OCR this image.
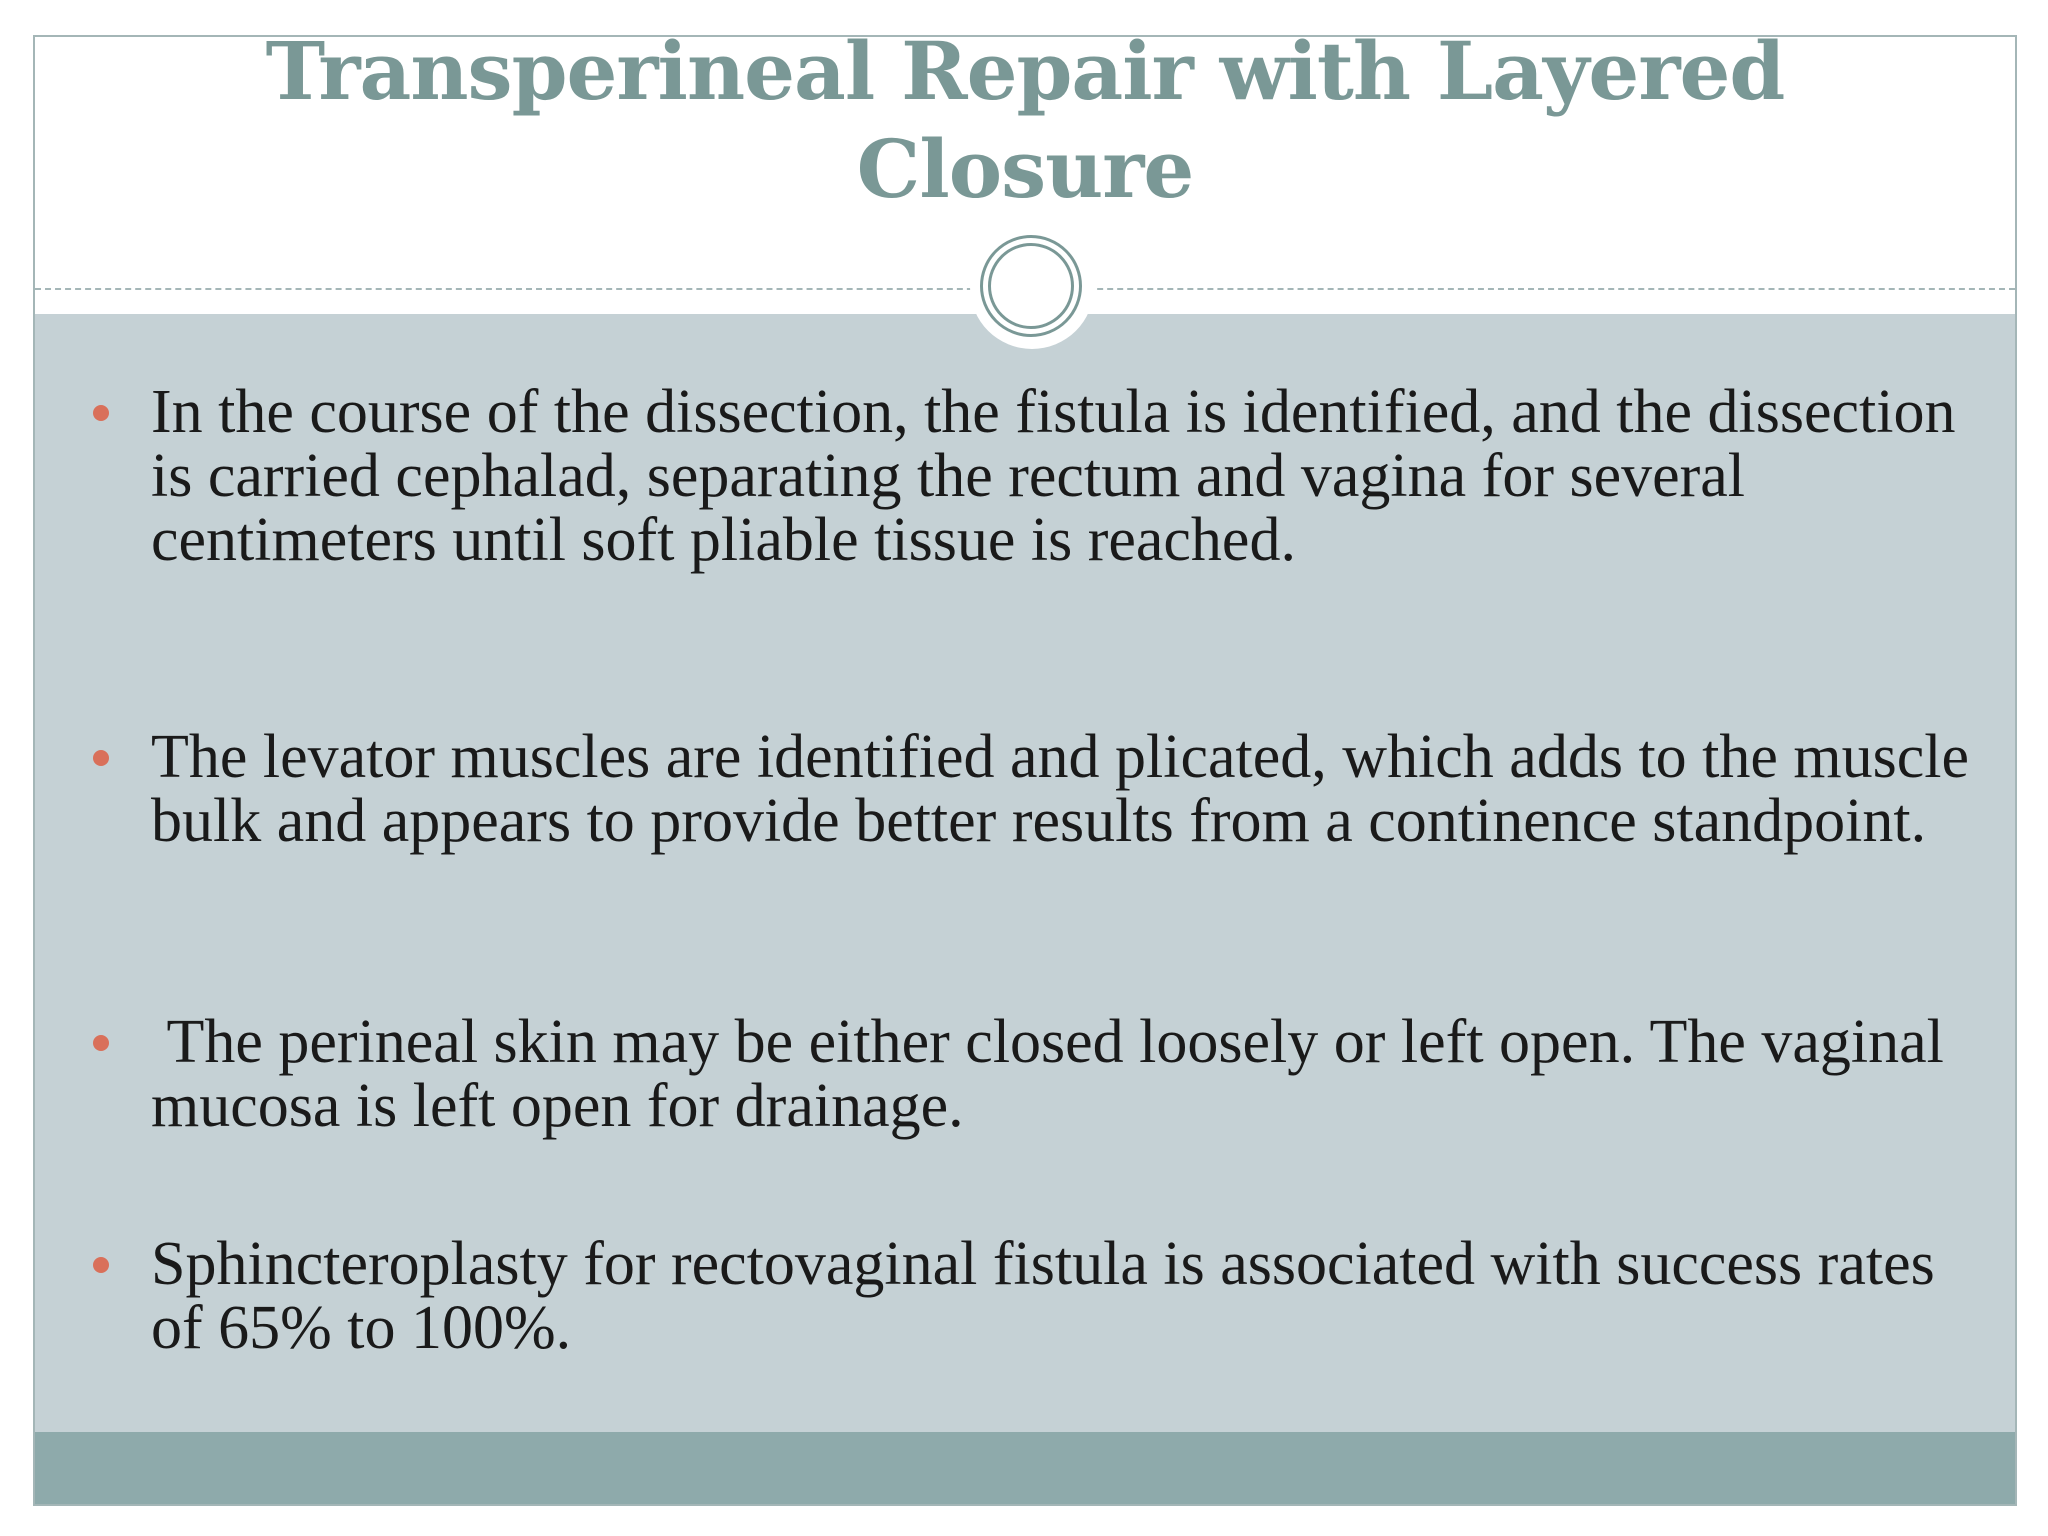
Transperineal Repair with Layered
Closure
In the course of the dissection, the fistula is identified, and the dissection is carried cephalad, separating the rectum and vagina for several centimeters until soft pliable tissue is reached.
The levator muscles are identified and plicated, which adds to the muscle bulk and appears to provide better results from a continence standpoint.
The perineal skin may be either closed loosely or left open. The vaginal mucosa is left open for drainage.
Sphincteroplasty for rectovaginal fistula is associated with success rates of 65% to 100%.
